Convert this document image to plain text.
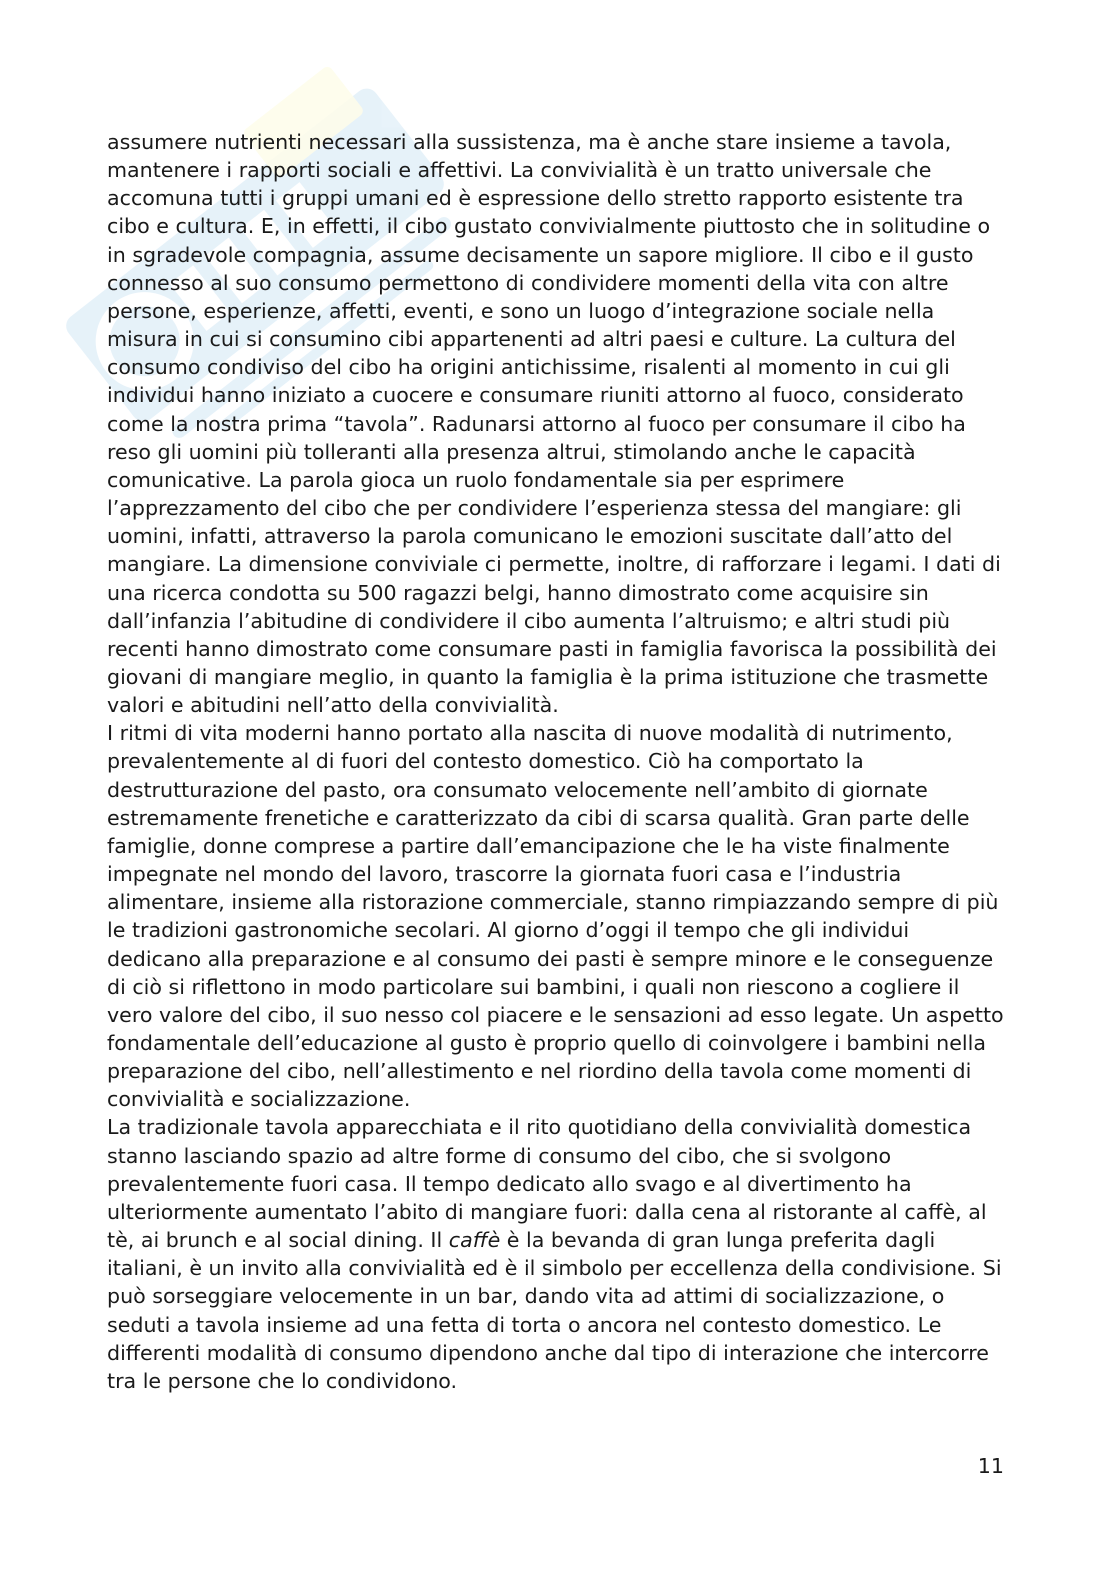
assumere nutrienti necessari alla sussistenza, ma è anche stare insieme a tavola, mantenere i rapporti sociali e affettivi. La convivialità è un tratto universale che accomuna tutti i gruppi umani ed è espressione dello stretto rapporto esistente tra cibo e cultura. E, in effetti, il cibo gustato convivialmente piuttosto che in solitudine o in sgradevole compagnia, assume decisamente un sapore migliore. Il cibo e il gusto connesso al suo consumo permettono di condividere momenti della vita con altre persone, esperienze, affetti, eventi, e sono un luogo d’integrazione sociale nella misura in cui si consumino cibi appartenenti ad altri paesi e culture. La cultura del consumo condiviso del cibo ha origini antichissime, risalenti al momento in cui gli individui hanno iniziato a cuocere e consumare riuniti attorno al fuoco, considerato come la nostra prima “tavola”. Radunarsi attorno al fuoco per consumare il cibo ha reso gli uomini più tolleranti alla presenza altrui, stimolando anche le capacità comunicative. La parola gioca un ruolo fondamentale sia per esprimere l’apprezzamento del cibo che per condividere l’esperienza stessa del mangiare: gli uomini, infatti, attraverso la parola comunicano le emozioni suscitate dall’atto del mangiare. La dimensione conviviale ci permette, inoltre, di rafforzare i legami. I dati di una ricerca condotta su 500 ragazzi belgi, hanno dimostrato come acquisire sin dall’infanzia l’abitudine di condividere il cibo aumenta l’altruismo; e altri studi più recenti hanno dimostrato come consumare pasti in famiglia favorisca la possibilità dei giovani di mangiare meglio, in quanto la famiglia è la prima istituzione che trasmette valori e abitudini nell’atto della convivialità.

I ritmi di vita moderni hanno portato alla nascita di nuove modalità di nutrimento, prevalentemente al di fuori del contesto domestico. Ciò ha comportato la destrutturazione del pasto, ora consumato velocemente nell’ambito di giornate estremamente frenetiche e caratterizzato da cibi di scarsa qualità. Gran parte delle famiglie, donne comprese a partire dall’emancipazione che le ha viste finalmente impegnate nel mondo del lavoro, trascorre la giornata fuori casa e l’industria alimentare, insieme alla ristorazione commerciale, stanno rimpiazzando sempre di più le tradizioni gastronomiche secolari. Al giorno d’oggi il tempo che gli individui dedicano alla preparazione e al consumo dei pasti è sempre minore e le conseguenze di ciò si riflettono in modo particolare sui bambini, i quali non riescono a cogliere il vero valore del cibo, il suo nesso col piacere e le sensazioni ad esso legate. Un aspetto fondamentale dell’educazione al gusto è proprio quello di coinvolgere i bambini nella preparazione del cibo, nell’allestimento e nel riordino della tavola come momenti di convivialità e socializzazione.

La tradizionale tavola apparecchiata e il rito quotidiano della convivialità domestica stanno lasciando spazio ad altre forme di consumo del cibo, che si svolgono prevalentemente fuori casa. Il tempo dedicato allo svago e al divertimento ha ulteriormente aumentato l’abito di mangiare fuori: dalla cena al ristorante al caffè, al tè, ai brunch e al social dining. Il caffè è la bevanda di gran lunga preferita dagli italiani, è un invito alla convivialità ed è il simbolo per eccellenza della condivisione. Si può sorseggiare velocemente in un bar, dando vita ad attimi di socializzazione, o seduti a tavola insieme ad una fetta di torta o ancora nel contesto domestico. Le differenti modalità di consumo dipendono anche dal tipo di interazione che intercorre tra le persone che lo condividono.

11
